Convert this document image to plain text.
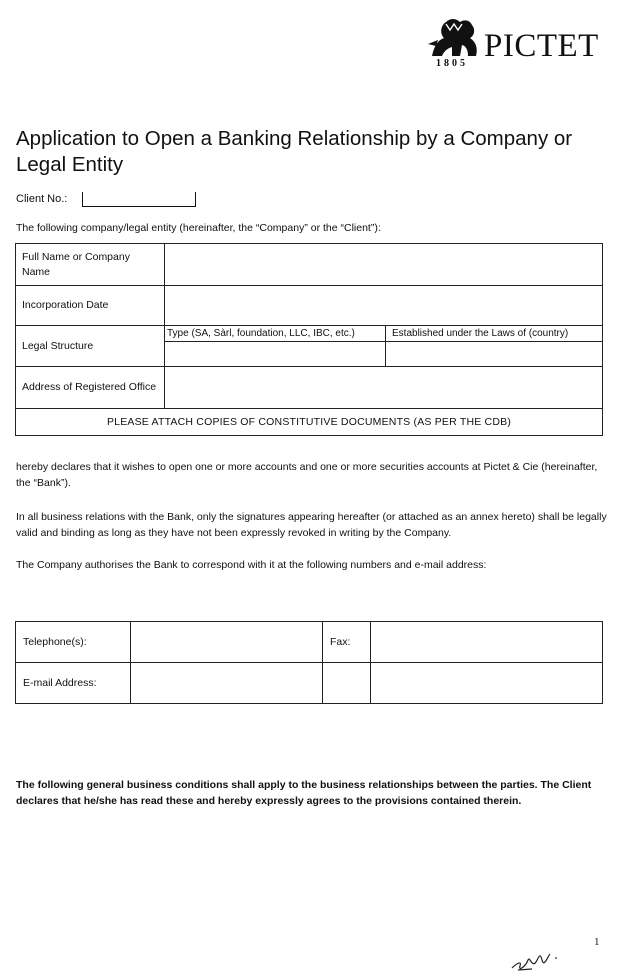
PICTET
1805
Application to Open a Banking Relationship by a Company or Legal Entity
Client No.:
The following company/legal entity (hereinafter, the “Company” or the “Client”):
Full Name or Company Name		
Incorporation Date		
Legal Structure	Type (SA, Sàrl, foundation, LLC, IBC, etc.)	Established under the Laws of (country)

Address of Registered Office		
PLEASE ATTACH COPIES OF CONSTITUTIVE DOCUMENTS (AS PER THE CDB)		

hereby declares that it wishes to open one or more accounts and one or more securities accounts at Pictet & Cie (hereinafter, the “Bank”).

In all business relations with the Bank, only the signatures appearing hereafter (or attached as an annex hereto) shall be legally valid and binding as long as they have not been expressly revoked in writing by the Company.

The Company authorises the Bank to correspond with it at the following numbers and e-mail address:

Telephone(s):		Fax:	
E-mail Address:			

The following general business conditions shall apply to the business relationships between the parties. The Client declares that he/she has read these and hereby expressly agrees to the provisions contained therein.

1
